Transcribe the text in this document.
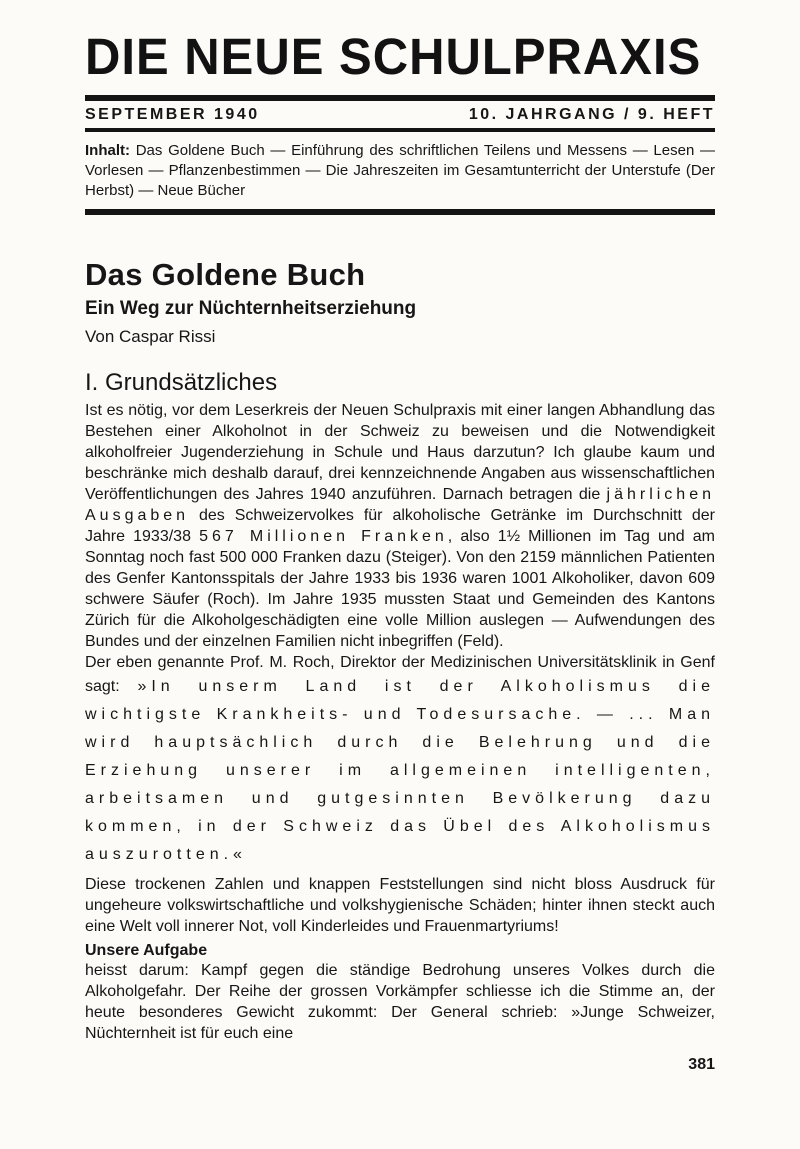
DIE NEUE SCHULPRAXIS
SEPTEMBER 1940	10. JAHRGANG / 9. HEFT

Inhalt: Das Goldene Buch — Einführung des schriftlichen Teilens und Messens — Lesen — Vorlesen — Pflanzenbestimmen — Die Jahreszeiten im Gesamtunterricht der Unterstufe (Der Herbst) — Neue Bücher

Das Goldene Buch
Ein Weg zur Nüchternheitserziehung

Von Caspar Rissi

I. Grundsätzliches

Ist es nötig, vor dem Leserkreis der Neuen Schulpraxis mit einer langen Abhandlung das Bestehen einer Alkoholnot in der Schweiz zu beweisen und die Notwendigkeit alkoholfreier Jugenderziehung in Schule und Haus darzutun? Ich glaube kaum und beschränke mich deshalb darauf, drei kennzeichnende Angaben aus wissenschaftlichen Veröffentlichungen des Jahres 1940 anzuführen. Darnach betragen die jährlichen Ausgaben des Schweizervolkes für alkoholische Getränke im Durchschnitt der Jahre 1933/38 567 Millionen Franken, also 1½ Millionen im Tag und am Sonntag noch fast 500 000 Franken dazu (Steiger). Von den 2159 männlichen Patienten des Genfer Kantonsspitals der Jahre 1933 bis 1936 waren 1001 Alkoholiker, davon 609 schwere Säufer (Roch). Im Jahre 1935 mussten Staat und Gemeinden des Kantons Zürich für die Alkoholgeschädigten eine volle Million auslegen — Aufwendungen des Bundes und der einzelnen Familien nicht inbegriffen (Feld).

Der eben genannte Prof. M. Roch, Direktor der Medizinischen Universitätsklinik in Genf sagt: »In unserm Land ist der Alkoholismus die wichtigste Krankheits- und Todesursache. — ... Man wird hauptsächlich durch die Belehrung und die Erziehung unserer im allgemeinen intelligenten, arbeitsamen und gutgesinnten Bevölkerung dazu kommen, in der Schweiz das Übel des Alkoholismus auszurotten.«

Diese trockenen Zahlen und knappen Feststellungen sind nicht bloss Ausdruck für ungeheure volkswirtschaftliche und volkshygienische Schäden; hinter ihnen steckt auch eine Welt voll innerer Not, voll Kinderleides und Frauenmartyriums!

Unsere Aufgabe

heisst darum: Kampf gegen die ständige Bedrohung unseres Volkes durch die Alkoholgefahr. Der Reihe der grossen Vorkämpfer schliesse ich die Stimme an, der heute besonderes Gewicht zukommt: Der General schrieb: »Junge Schweizer, Nüchternheit ist für euch eine

381
